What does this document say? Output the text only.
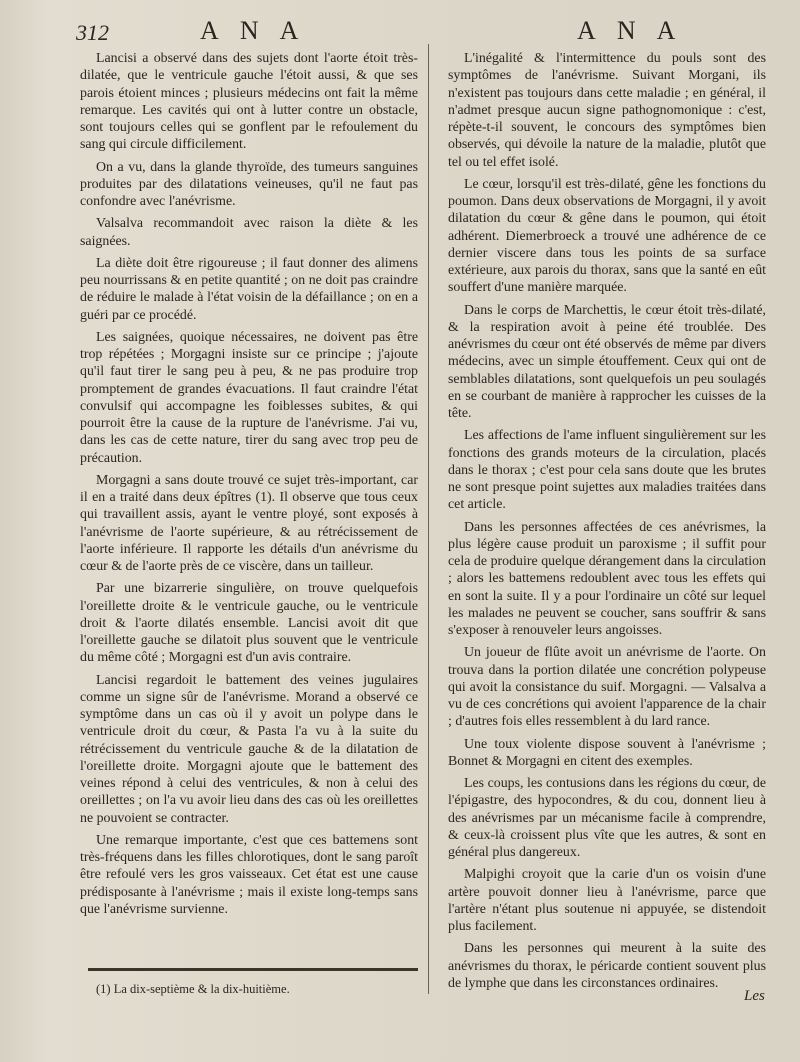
312	A N A	A N A

Lancisi a observé dans des sujets dont l'aorte étoit très-dilatée, que le ventricule gauche l'étoit aussi, & que ses parois étoient minces ; plusieurs médecins ont fait la même remarque. Les cavités qui ont à lutter contre un obstacle, sont toujours celles qui se gonflent par le refoulement du sang qui circule difficilement.

On a vu, dans la glande thyroïde, des tumeurs sanguines produites par des dilatations veineuses, qu'il ne faut pas confondre avec l'anévrisme.

Valsalva recommandoit avec raison la diète & les saignées.

La diète doit être rigoureuse ; il faut donner des alimens peu nourrissans & en petite quantité ; on ne doit pas craindre de réduire le malade à l'état voisin de la défaillance ; on en a guéri par ce procédé.

Les saignées, quoique nécessaires, ne doivent pas être trop répétées ; Morgagni insiste sur ce principe ; j'ajoute qu'il faut tirer le sang peu à peu, & ne pas produire trop promptement de grandes évacuations. Il faut craindre l'état convulsif qui accompagne les foiblesses subites, & qui pourroit être la cause de la rupture de l'anévrisme. J'ai vu, dans les cas de cette nature, tirer du sang avec trop peu de précaution.

Morgagni a sans doute trouvé ce sujet très-important, car il en a traité dans deux épîtres (1). Il observe que tous ceux qui travaillent assis, ayant le ventre ployé, sont exposés à l'anévrisme de l'aorte supérieure, & au rétrécissement de l'aorte inférieure. Il rapporte les détails d'un anévrisme du cœur & de l'aorte près de ce viscère, dans un tailleur.

Par une bizarrerie singulière, on trouve quelquefois l'oreillette droite & le ventricule gauche, ou le ventricule droit & l'aorte dilatés ensemble. Lancisi avoit dit que l'oreillette gauche se dilatoit plus souvent que le ventricule du même côté ; Morgagni est d'un avis contraire.

Lancisi regardoit le battement des veines jugulaires comme un signe sûr de l'anévrisme. Morand a observé ce symptôme dans un cas où il y avoit un polype dans le ventricule droit du cœur, & Pasta l'a vu à la suite du rétrécissement du ventricule gauche & de la dilatation de l'oreillette droite. Morgagni ajoute que le battement des veines répond à celui des ventricules, & non à celui des oreillettes ; on l'a vu avoir lieu dans des cas où les oreillettes ne pouvoient se contracter.

Une remarque importante, c'est que ces battemens sont très-fréquens dans les filles chlorotiques, dont le sang paroît être refoulé vers les gros vaisseaux. Cet état est une cause prédisposante à l'anévrisme ; mais il existe long-temps sans que l'anévrisme survienne.

L'inégalité & l'intermittence du pouls sont des symptômes de l'anévrisme. Suivant Morgani, ils n'existent pas toujours dans cette maladie ; en général, il n'admet presque aucun signe pathognomonique : c'est, répète-t-il souvent, le concours des symptômes bien observés, qui dévoile la nature de la maladie, plutôt que tel ou tel effet isolé.

Le cœur, lorsqu'il est très-dilaté, gêne les fonctions du poumon. Dans deux observations de Morgagni, il y avoit dilatation du cœur & gêne dans le poumon, qui étoit adhérent. Diemerbroeck a trouvé une adhérence de ce dernier viscere dans tous les points de sa surface extérieure, aux parois du thorax, sans que la santé en eût souffert d'une manière marquée.

Dans le corps de Marchettis, le cœur étoit très-dilaté, & la respiration avoit à peine été troublée. Des anévrismes du cœur ont été observés de même par divers médecins, avec un simple étouffement. Ceux qui ont de semblables dilatations, sont quelquefois un peu soulagés en se courbant de manière à rapprocher les cuisses de la tête.

Les affections de l'ame influent singulièrement sur les fonctions des grands moteurs de la circulation, placés dans le thorax ; c'est pour cela sans doute que les brutes ne sont presque point sujettes aux maladies traitées dans cet article.

Dans les personnes affectées de ces anévrismes, la plus légère cause produit un paroxisme ; il suffit pour cela de produire quelque dérangement dans la circulation ; alors les battemens redoublent avec tous les effets qui en sont la suite. Il y a pour l'ordinaire un côté sur lequel les malades ne peuvent se coucher, sans souffrir & sans s'exposer à renouveler leurs angoisses.

Un joueur de flûte avoit un anévrisme de l'aorte. On trouva dans la portion dilatée une concrétion polypeuse qui avoit la consistance du suif. Morgagni. — Valsalva a vu de ces concrétions qui avoient l'apparence de la chair ; d'autres fois elles ressemblent à du lard rance.

Une toux violente dispose souvent à l'anévrisme ; Bonnet & Morgagni en citent des exemples.

Les coups, les contusions dans les régions du cœur, de l'épigastre, des hypocondres, & du cou, donnent lieu à des anévrismes par un mécanisme facile à comprendre, & ceux-là croissent plus vîte que les autres, & sont en général plus dangereux.

Malpighi croyoit que la carie d'un os voisin d'une artère pouvoit donner lieu à l'anévrisme, parce que l'artère n'étant plus soutenue ni appuyée, se distendoit plus facilement.

Dans les personnes qui meurent à la suite des anévrismes du thorax, le péricarde contient souvent plus de lymphe que dans les circonstances ordinaires.

(1) La dix-septième & la dix-huitième.	Les
